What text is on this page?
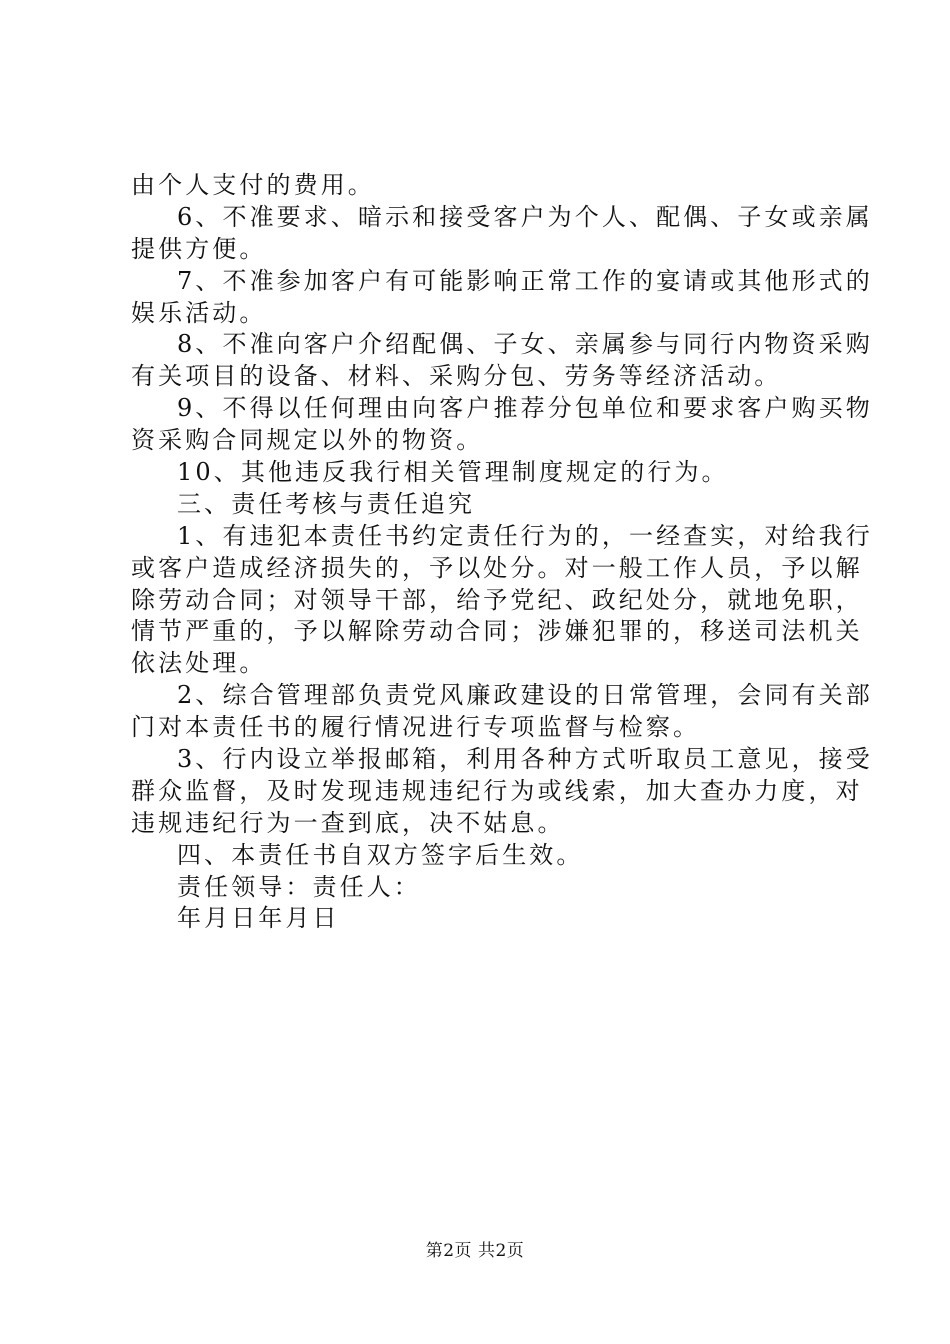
由个人支付的费用。
6、不准要求、暗示和接受客户为个人、配偶、子女或亲属
提供方便。
7、不准参加客户有可能影响正常工作的宴请或其他形式的
娱乐活动。
8、不准向客户介绍配偶、子女、亲属参与同行内物资采购
有关项目的设备、材料、采购分包、劳务等经济活动。
9、不得以任何理由向客户推荐分包单位和要求客户购买物
资采购合同规定以外的物资。
10、其他违反我行相关管理制度规定的行为。
三、责任考核与责任追究
1、有违犯本责任书约定责任行为的，一经查实，对给我行
或客户造成经济损失的，予以处分。对一般工作人员，予以解
除劳动合同；对领导干部，给予党纪、政纪处分，就地免职，
情节严重的，予以解除劳动合同；涉嫌犯罪的，移送司法机关
依法处理。
2、综合管理部负责党风廉政建设的日常管理，会同有关部
门对本责任书的履行情况进行专项监督与检察。
3、行内设立举报邮箱，利用各种方式听取员工意见，接受
群众监督，及时发现违规违纪行为或线索，加大查办力度，对
违规违纪行为一查到底，决不姑息。
四、本责任书自双方签字后生效。
责任领导：责任人：
年月日年月日
第2页 共2页
